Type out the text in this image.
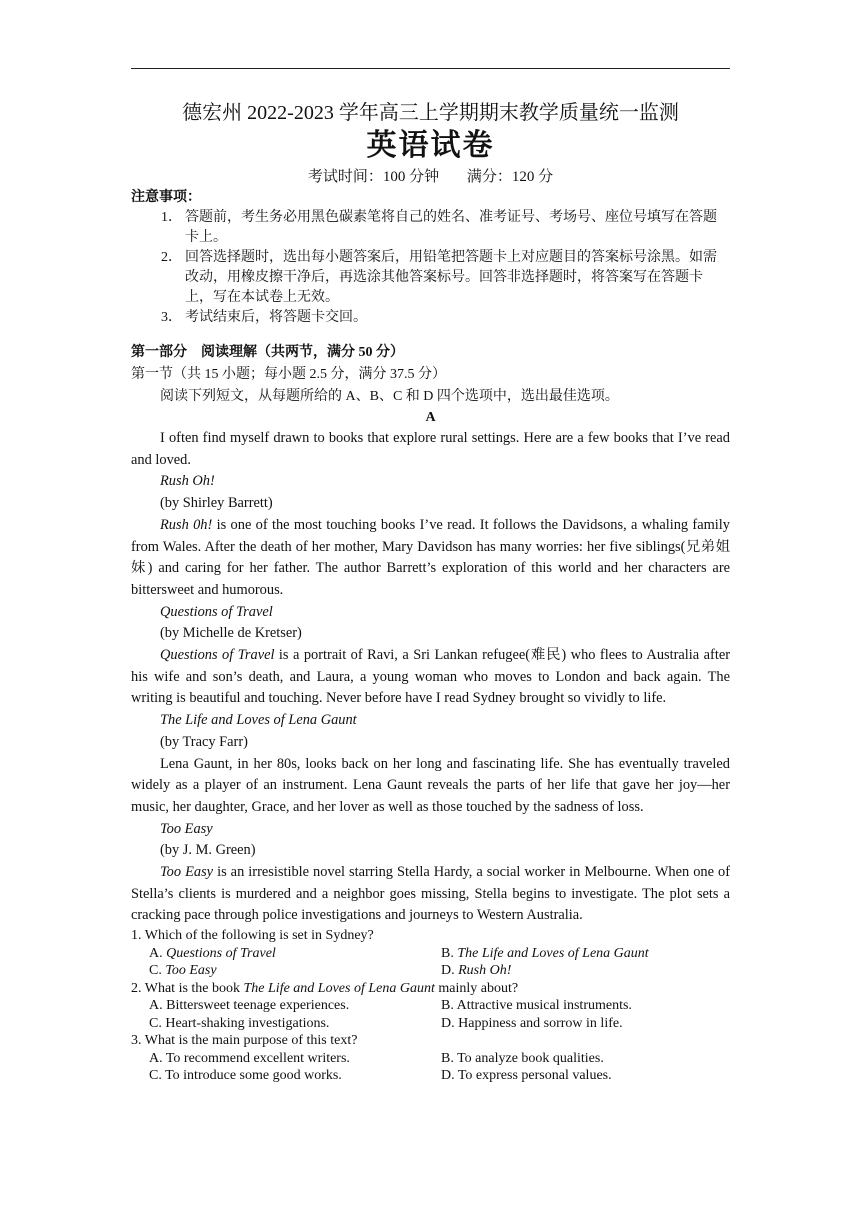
德宏州 2022-2023 学年高三上学期期末教学质量统一监测

英语试卷

考试时间：100 分钟 满分：120 分

注意事项：

1． 答题前，考生务必用黑色碳素笔将自己的姓名、准考证号、考场号、座位号填写在答题卡上。
2． 回答选择题时，选出每小题答案后，用铅笔把答题卡上对应题目的答案标号涂黑。如需改动，用橡皮擦干净后，再选涂其他答案标号。回答非选择题时，将答案写在答题卡上，写在本试卷上无效。
3． 考试结束后，将答题卡交回。

第一部分　阅读理解（共两节，满分 50 分）

第一节（共 15 小题；每小题 2.5 分，满分 37.5 分）

阅读下列短文，从每题所给的 A、B、C 和 D 四个选项中，选出最佳选项。

A

I often find myself drawn to books that explore rural settings. Here are a few books that I’ve read and loved.

Rush Oh!

(by Shirley Barrett)

Rush 0h! is one of the most touching books I’ve read. It follows the Davidsons, a whaling family from Wales. After the death of her mother, Mary Davidson has many worries: her five siblings(兄弟姐妹) and caring for her father. The author Barrett’s exploration of this world and her characters are bittersweet and humorous.

Questions of Travel

(by Michelle de Kretser)

Questions of Travel is a portrait of Ravi, a Sri Lankan refugee(难民) who flees to Australia after his wife and son’s death, and Laura, a young woman who moves to London and back again. The writing is beautiful and touching. Never before have I read Sydney brought so vividly to life.

The Life and Loves of Lena Gaunt

(by Tracy Farr)

Lena Gaunt, in her 80s, looks back on her long and fascinating life. She has eventually traveled widely as a player of an instrument. Lena Gaunt reveals the parts of her life that gave her joy—her music, her daughter, Grace, and her lover as well as those touched by the sadness of loss.

Too Easy

(by J. M. Green)

Too Easy is an irresistible novel starring Stella Hardy, a social worker in Melbourne. When one of Stella’s clients is murdered and a neighbor goes missing, Stella begins to investigate. The plot sets a cracking pace through police investigations and journeys to Western Australia.

1. Which of the following is set in Sydney?

A. Questions of Travel	B. The Life and Loves of Lena Gaunt
C. Too Easy	D. Rush Oh!

2. What is the book The Life and Loves of Lena Gaunt mainly about?

A. Bittersweet teenage experiences.	B. Attractive musical instruments.
C. Heart-shaking investigations.	D. Happiness and sorrow in life.

3. What is the main purpose of this text?

A. To recommend excellent writers.	B. To analyze book qualities.
C. To introduce some good works.	D. To express personal values.
